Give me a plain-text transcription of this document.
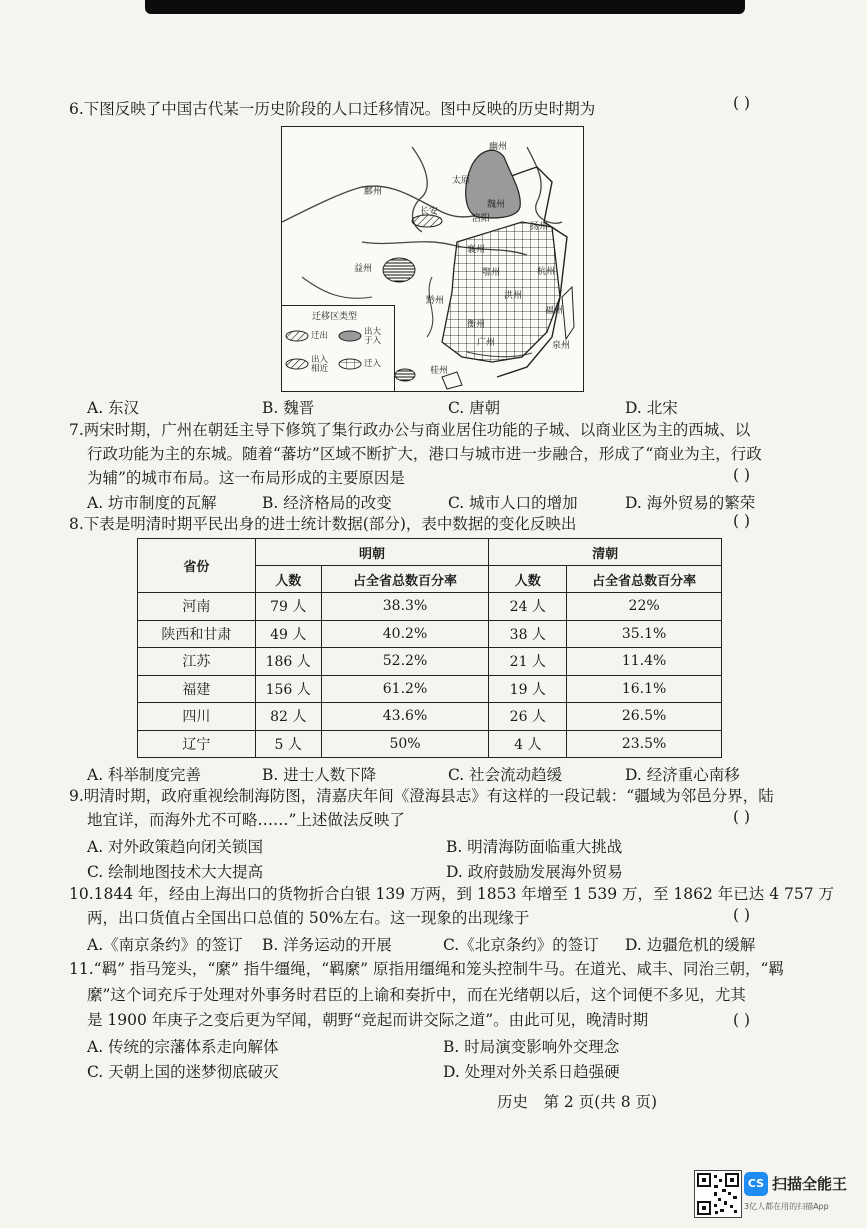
6.下图反映了中国古代某一历史阶段的人口迁移情况。图中反映的历史时期为	( )
幽州
鄜州
太原
长安
魏州
洛阳
扬州
益州
襄州
鄂州	杭州
黔州	洪州
福州
衡州
广州
桂州
泉州
迁移区类型
迁出
出入相近
出大于入
迁入
A. 东汉	B. 魏晋	C. 唐朝	D. 北宋
7.两宋时期，广州在朝廷主导下修筑了集行政办公与商业居住功能的子城、以商业区为主的西城、以
行政功能为主的东城。随着“蕃坊”区域不断扩大，港口与城市进一步融合，形成了“商业为主，行政
为辅”的城市布局。这一布局形成的主要原因是	( )
A. 坊市制度的瓦解	B. 经济格局的改变	C. 城市人口的增加	D. 海外贸易的繁荣
8.下表是明清时期平民出身的进士统计数据(部分)，表中数据的变化反映出	( )
省份	明朝		清朝	
	人数	占全省总数百分率	人数	占全省总数百分率
河南	79 人	38.3%	24 人	22%
陕西和甘肃	49 人	40.2%	38 人	35.1%
江苏	186 人	52.2%	21 人	11.4%
福建	156 人	61.2%	19 人	16.1%
四川	82 人	43.6%	26 人	26.5%
辽宁	5 人	50%	4 人	23.5%
A. 科举制度完善	B. 进士人数下降	C. 社会流动趋缓	D. 经济重心南移
9.明清时期，政府重视绘制海防图，清嘉庆年间《澄海县志》有这样的一段记载：“疆域为邻邑分界，陆
地宜详，而海外尤不可略……”上述做法反映了	( )
A. 对外政策趋向闭关锁国	B. 明清海防面临重大挑战
C. 绘制地图技术大大提高	D. 政府鼓励发展海外贸易
10.1844 年，经由上海出口的货物折合白银 139 万两，到 1853 年增至 1 539 万，至 1862 年已达 4 757 万
两，出口货值占全国出口总值的 50%左右。这一现象的出现缘于	( )
A.《南京条约》的签订 B. 洋务运动的开展	C.《北京条约》的签订 D. 边疆危机的缓解
11.“羁” 指马笼头，“縻” 指牛缰绳，“羁縻” 原指用缰绳和笼头控制牛马。在道光、咸丰、同治三朝，“羁
縻”这个词充斥于处理对外事务时君臣的上谕和奏折中，而在光绪朝以后，这个词便不多见，尤其
是 1900 年庚子之变后更为罕闻，朝野“竞起而讲交际之道”。由此可见，晚清时期	( )
A. 传统的宗藩体系走向解体	B. 时局演变影响外交理念
C. 天朝上国的迷梦彻底破灭	D. 处理对外关系日趋强硬
历史　第 2 页(共 8 页)
CS 扫描全能王
3亿人都在用的扫描App
